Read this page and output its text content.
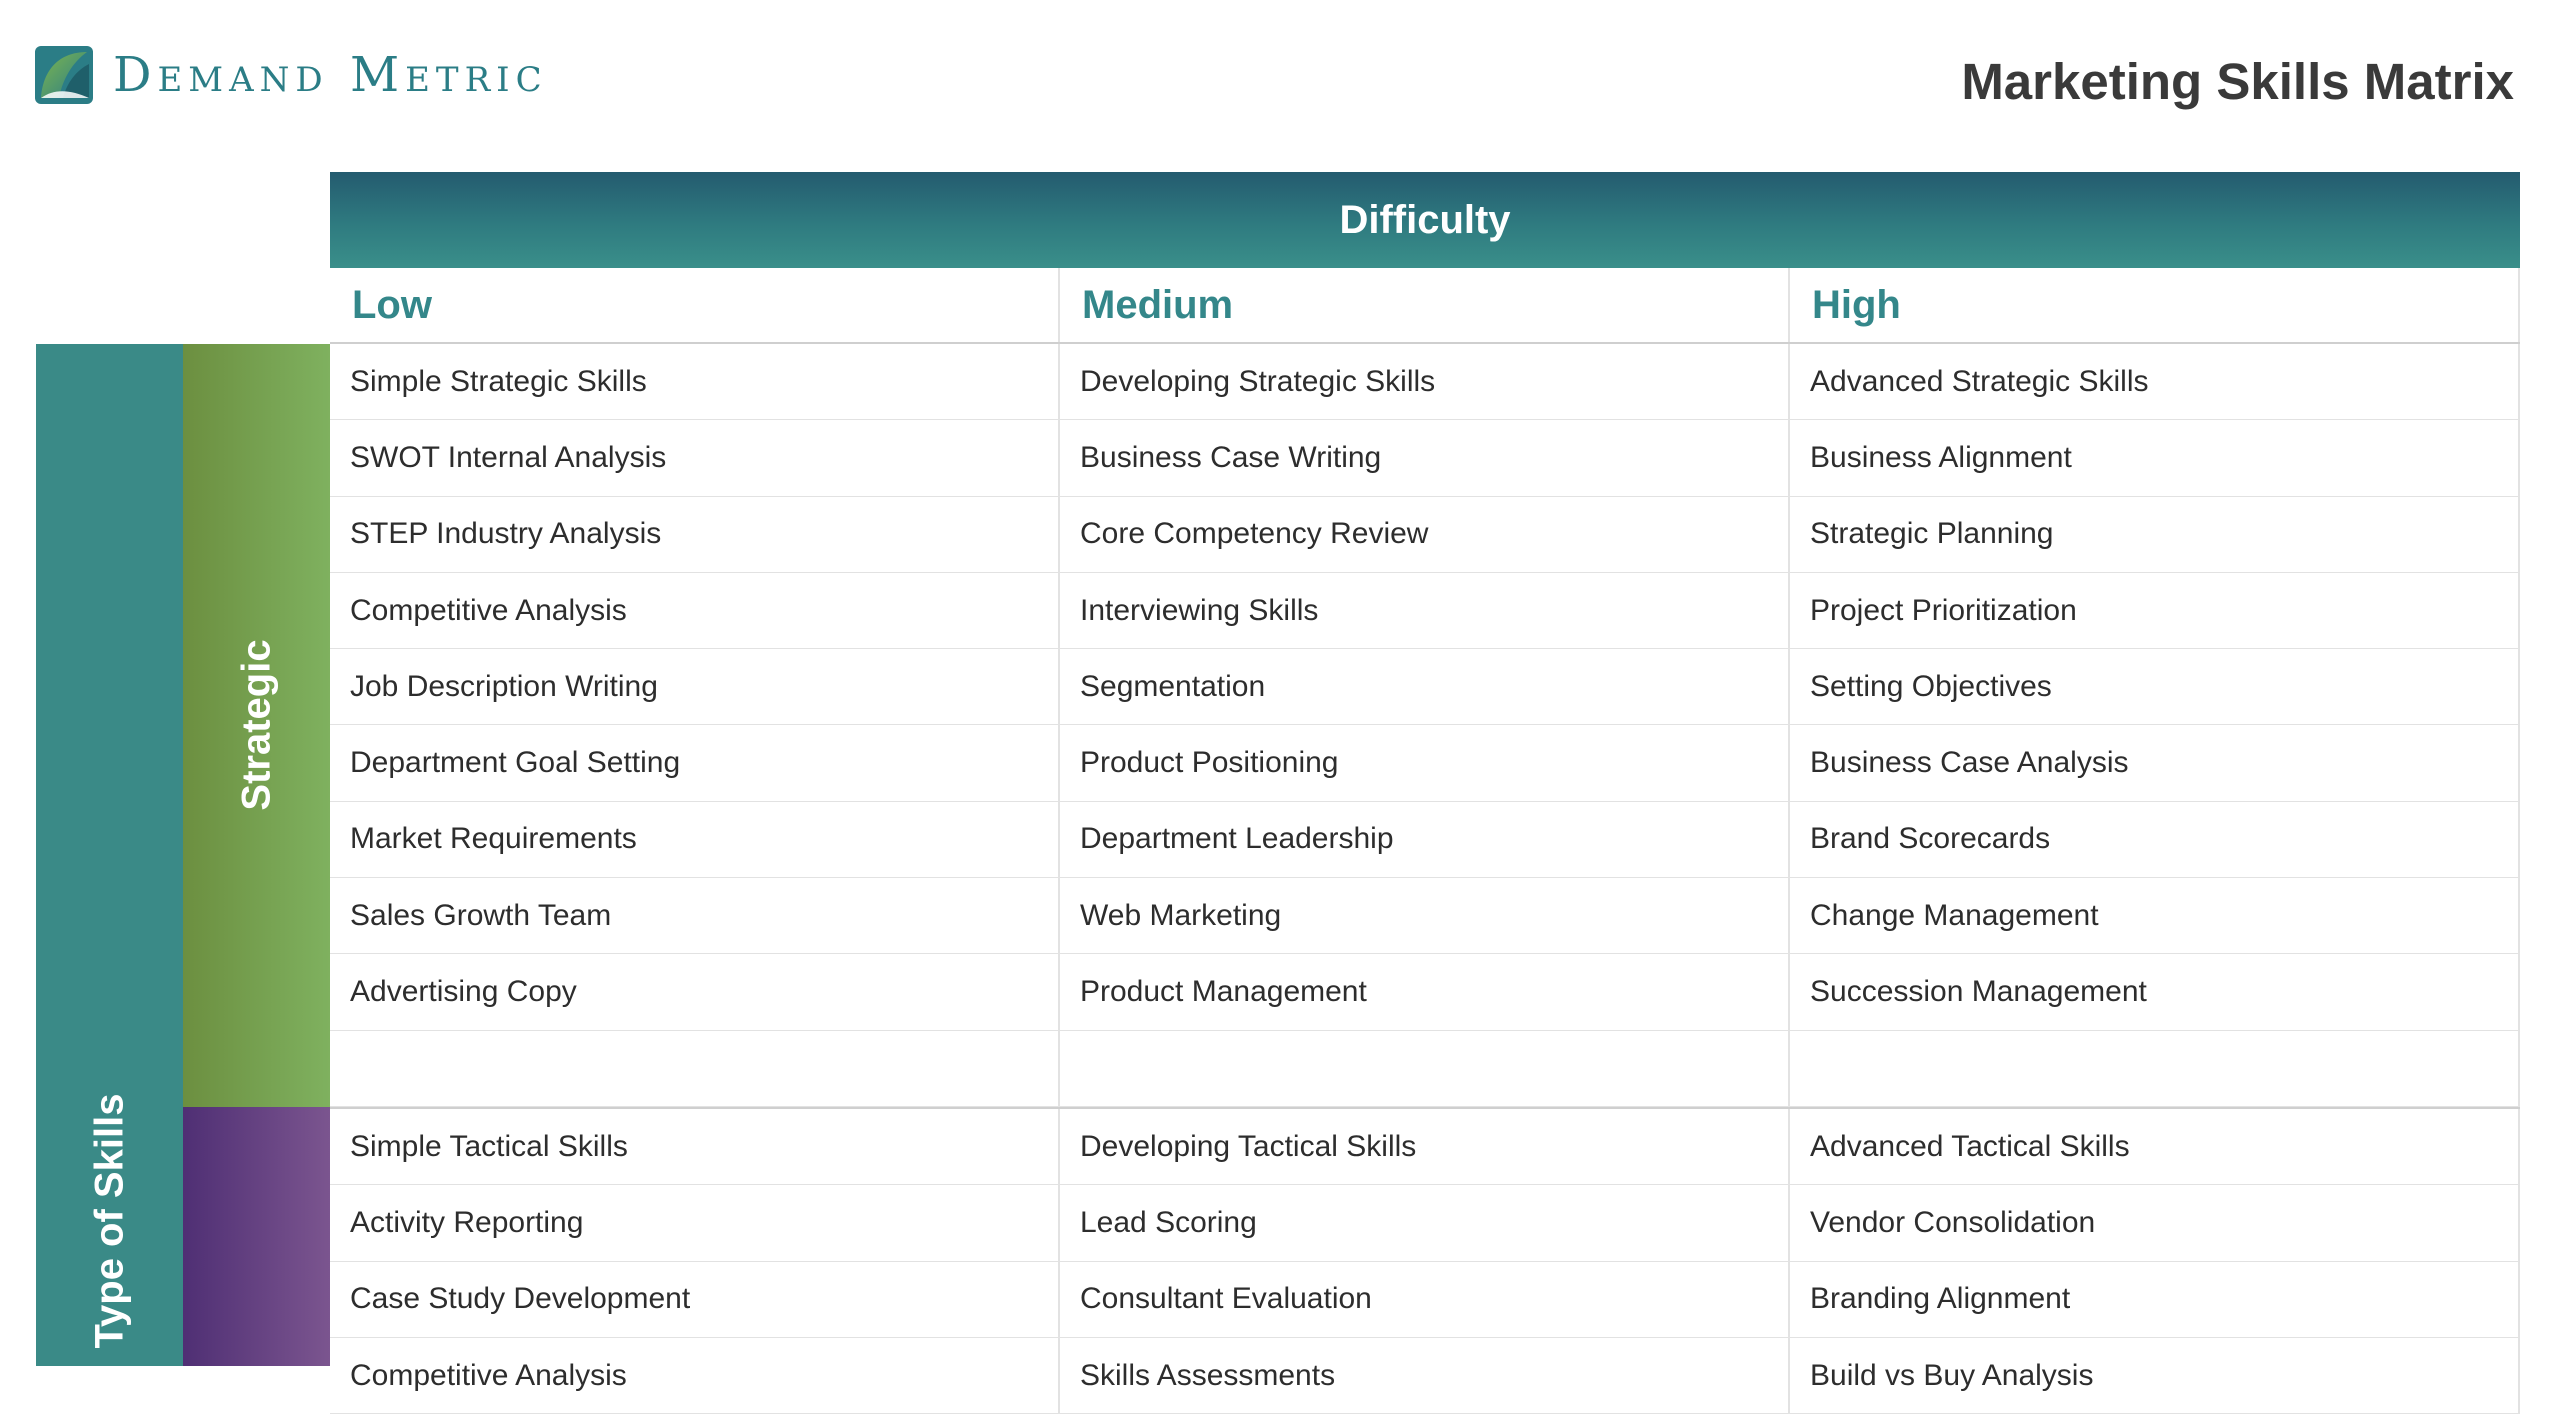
Demand Metric	Marketing Skills Matrix
Difficulty
Low	Medium	High
Type of Skills
Strategic
Simple Strategic Skills	Developing Strategic Skills	Advanced Strategic Skills
SWOT Internal Analysis	Business Case Writing	Business Alignment
STEP Industry Analysis	Core Competency Review	Strategic Planning
Competitive Analysis	Interviewing Skills	Project Prioritization
Job Description Writing	Segmentation	Setting Objectives
Department Goal Setting	Product Positioning	Business Case Analysis
Market Requirements	Department Leadership	Brand Scorecards
Sales Growth Team	Web Marketing	Change Management
Advertising Copy	Product Management	Succession Management
Simple Tactical Skills	Developing Tactical Skills	Advanced Tactical Skills
Activity Reporting	Lead Scoring	Vendor Consolidation
Case Study Development	Consultant Evaluation	Branding Alignment
Competitive Analysis	Skills Assessments	Build vs Buy Analysis
